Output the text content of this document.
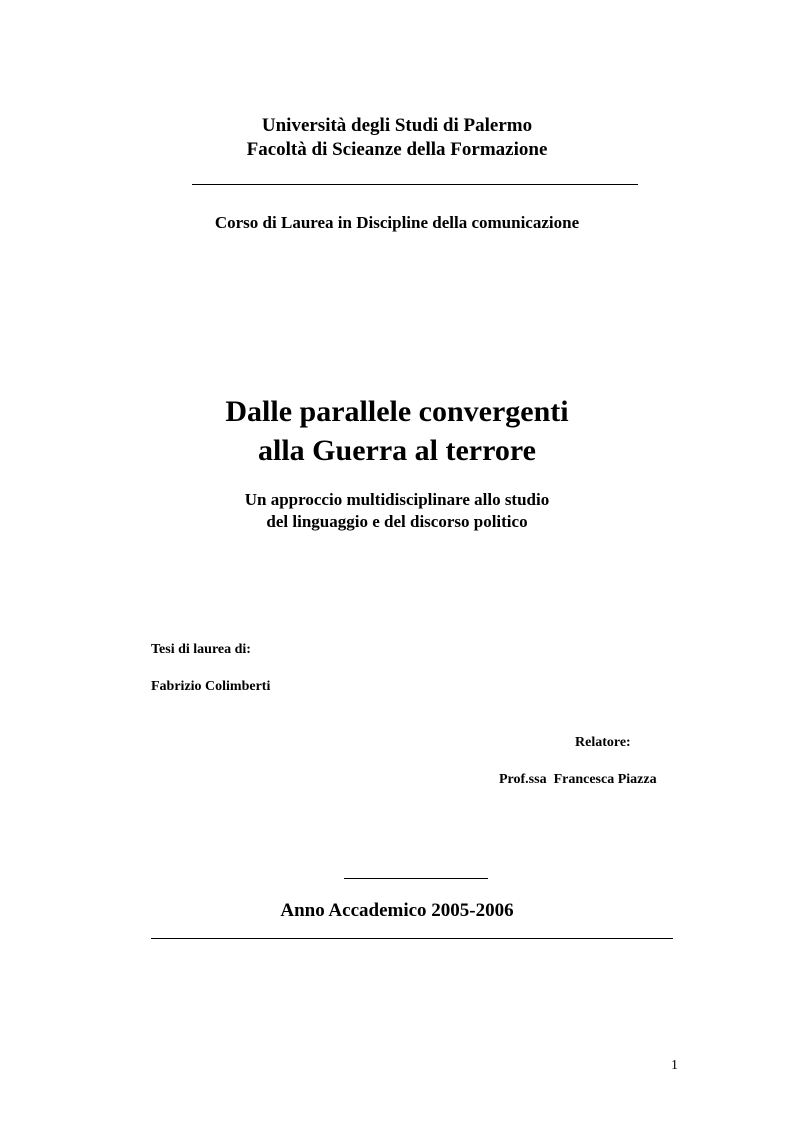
Università degli Studi di Palermo
Facoltà di Scieanze della Formazione
Corso di Laurea in Discipline della comunicazione
Dalle parallele convergenti
alla Guerra al terrore
Un approccio multidisciplinare allo studio
del linguaggio e del discorso politico
Tesi di laurea di:
Fabrizio Colimberti
Relatore:
Prof.ssa  Francesca Piazza
Anno Accademico 2005-2006
1
